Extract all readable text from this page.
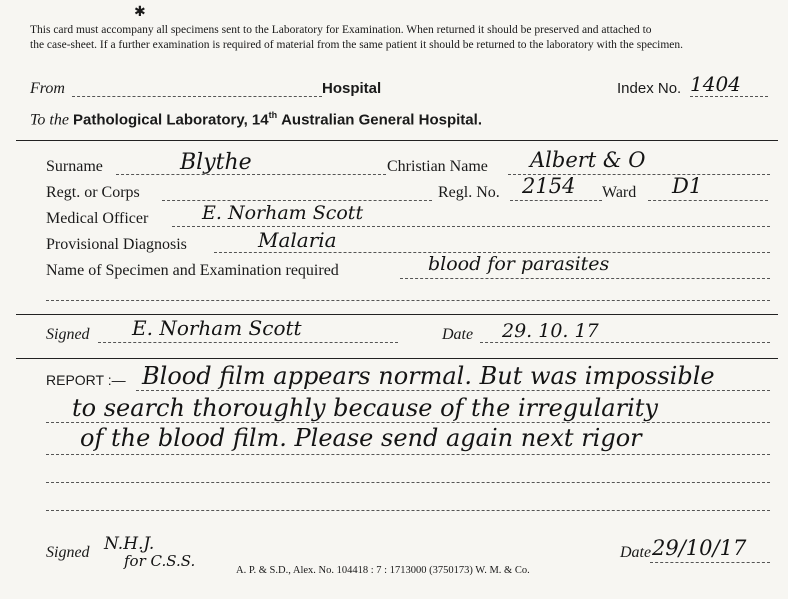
✱
This card must accompany all specimens sent to the Laboratory for Examination. When returned it should be preserved and attached to
the case-sheet. If a further examination is required of material from the same patient it should be returned to the laboratory with the specimen.
From	Hospital	Index No. 1404
To the Pathological Laboratory, 14th Australian General Hospital.
Surname	Blythe	Christian Name Albert & O
Regt. or Corps	Regl. No. 2154 Ward D1
Medical Officer	E. Norham Scott
Provisional Diagnosis	Malaria
Name of Specimen and Examination required	blood for parasites
Signed E. Norham Scott	Date 29. 10. 17
REPORT :— Blood film appears normal. But was impossible
to search thoroughly because of the irregularity
of the blood film. Please send again next rigor
Signed N.H.J.
for C.S.S.
A. P. & S.D., Alex. No. 104418 : 7 : 1713000 (3750173) W. M. & Co.
Date 29/10/17
